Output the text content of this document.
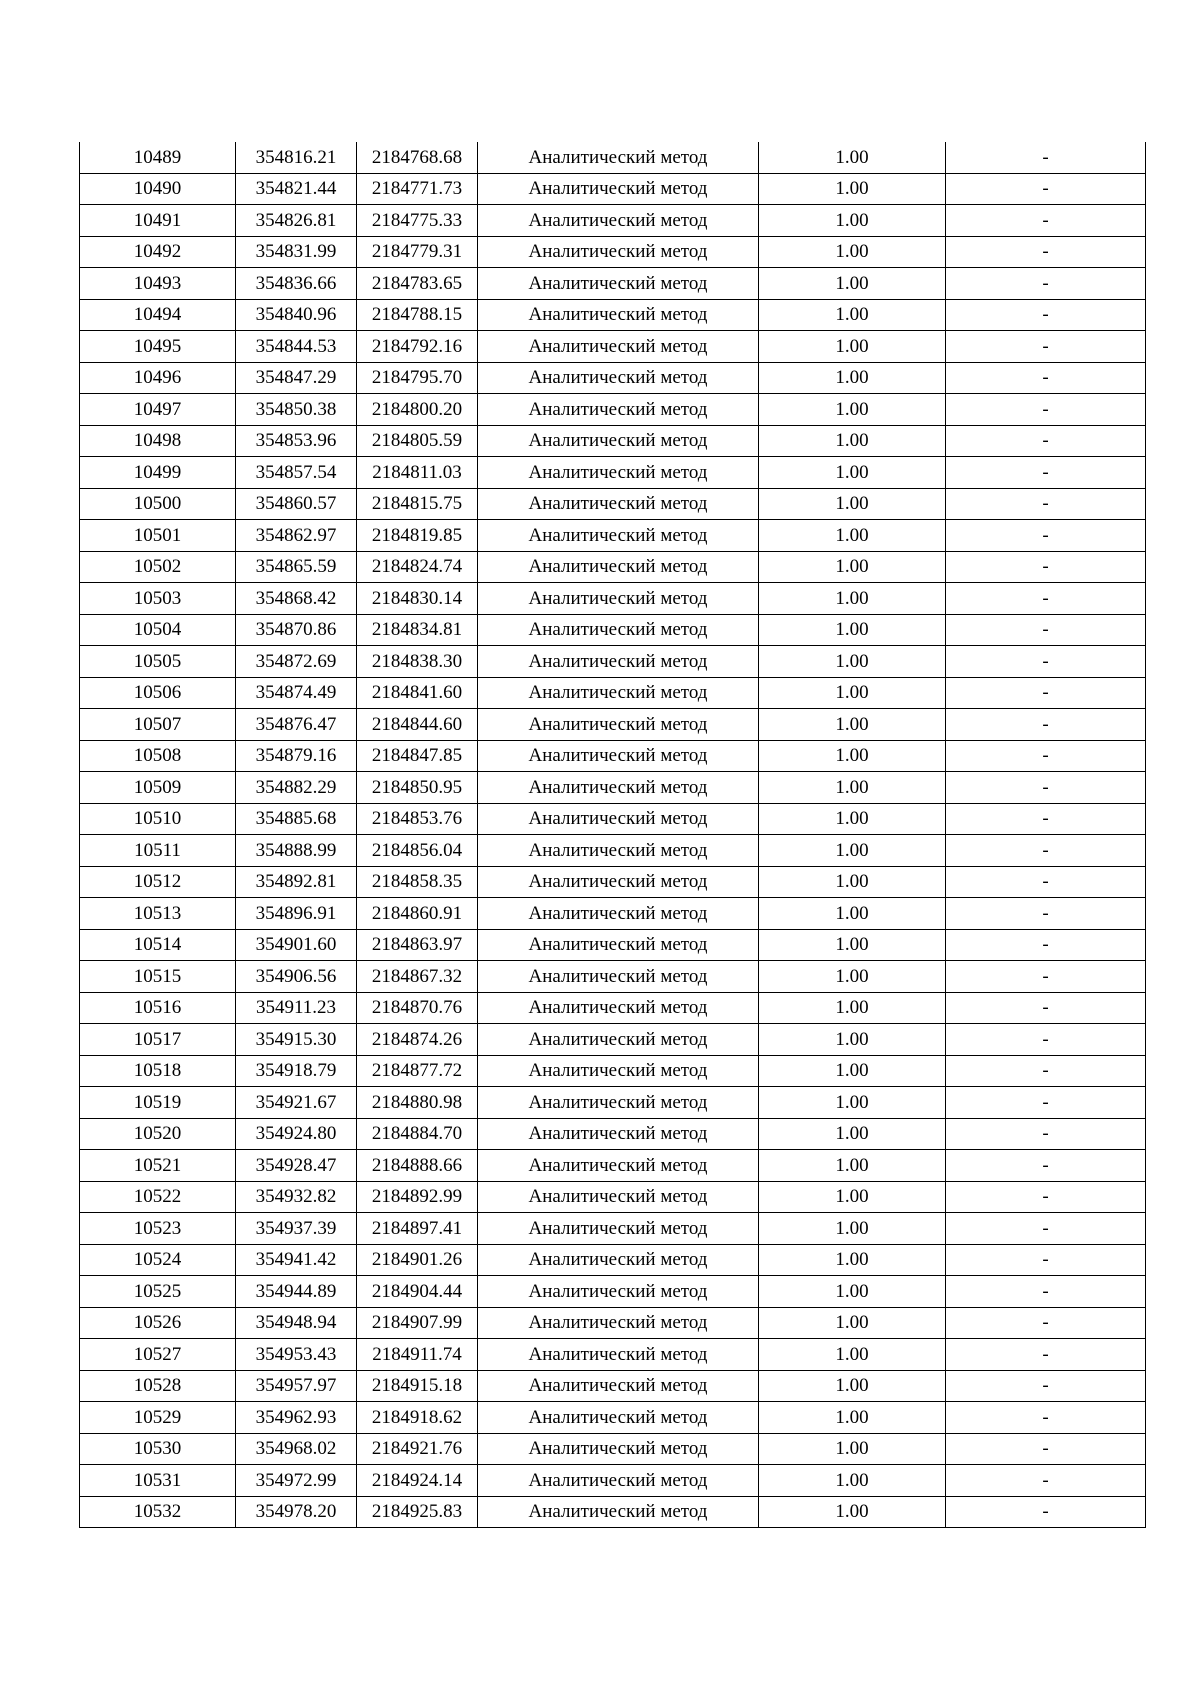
10489	354816.21	2184768.68	Аналитический метод	1.00	-
10490	354821.44	2184771.73	Аналитический метод	1.00	-
10491	354826.81	2184775.33	Аналитический метод	1.00	-
10492	354831.99	2184779.31	Аналитический метод	1.00	-
10493	354836.66	2184783.65	Аналитический метод	1.00	-
10494	354840.96	2184788.15	Аналитический метод	1.00	-
10495	354844.53	2184792.16	Аналитический метод	1.00	-
10496	354847.29	2184795.70	Аналитический метод	1.00	-
10497	354850.38	2184800.20	Аналитический метод	1.00	-
10498	354853.96	2184805.59	Аналитический метод	1.00	-
10499	354857.54	2184811.03	Аналитический метод	1.00	-
10500	354860.57	2184815.75	Аналитический метод	1.00	-
10501	354862.97	2184819.85	Аналитический метод	1.00	-
10502	354865.59	2184824.74	Аналитический метод	1.00	-
10503	354868.42	2184830.14	Аналитический метод	1.00	-
10504	354870.86	2184834.81	Аналитический метод	1.00	-
10505	354872.69	2184838.30	Аналитический метод	1.00	-
10506	354874.49	2184841.60	Аналитический метод	1.00	-
10507	354876.47	2184844.60	Аналитический метод	1.00	-
10508	354879.16	2184847.85	Аналитический метод	1.00	-
10509	354882.29	2184850.95	Аналитический метод	1.00	-
10510	354885.68	2184853.76	Аналитический метод	1.00	-
10511	354888.99	2184856.04	Аналитический метод	1.00	-
10512	354892.81	2184858.35	Аналитический метод	1.00	-
10513	354896.91	2184860.91	Аналитический метод	1.00	-
10514	354901.60	2184863.97	Аналитический метод	1.00	-
10515	354906.56	2184867.32	Аналитический метод	1.00	-
10516	354911.23	2184870.76	Аналитический метод	1.00	-
10517	354915.30	2184874.26	Аналитический метод	1.00	-
10518	354918.79	2184877.72	Аналитический метод	1.00	-
10519	354921.67	2184880.98	Аналитический метод	1.00	-
10520	354924.80	2184884.70	Аналитический метод	1.00	-
10521	354928.47	2184888.66	Аналитический метод	1.00	-
10522	354932.82	2184892.99	Аналитический метод	1.00	-
10523	354937.39	2184897.41	Аналитический метод	1.00	-
10524	354941.42	2184901.26	Аналитический метод	1.00	-
10525	354944.89	2184904.44	Аналитический метод	1.00	-
10526	354948.94	2184907.99	Аналитический метод	1.00	-
10527	354953.43	2184911.74	Аналитический метод	1.00	-
10528	354957.97	2184915.18	Аналитический метод	1.00	-
10529	354962.93	2184918.62	Аналитический метод	1.00	-
10530	354968.02	2184921.76	Аналитический метод	1.00	-
10531	354972.99	2184924.14	Аналитический метод	1.00	-
10532	354978.20	2184925.83	Аналитический метод	1.00	-
